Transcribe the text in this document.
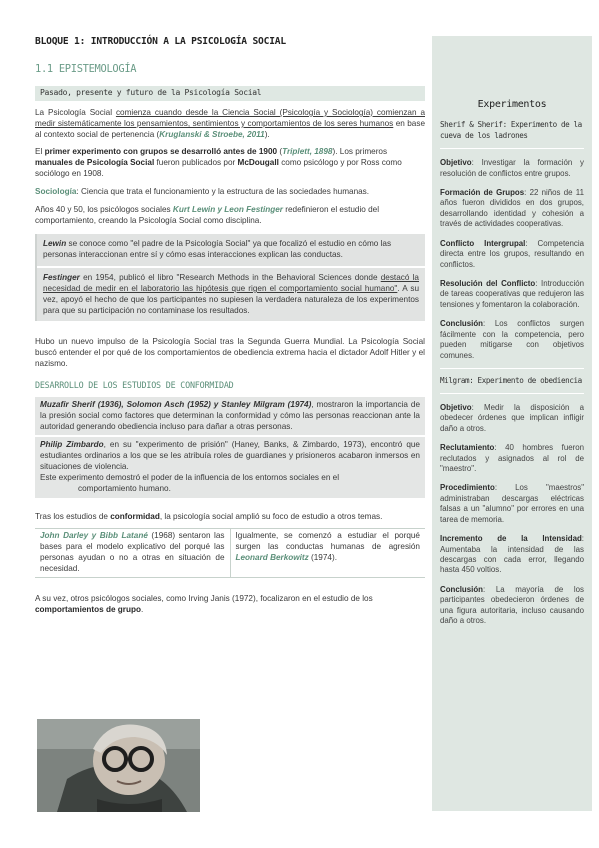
BLOQUE 1: INTRODUCCIÓN A LA PSICOLOGÍA SOCIAL
1.1 EPISTEMOLOGÍA
Pasado, presente y futuro de la Psicología Social

La Psicología Social comienza cuando desde la Ciencia Social (Psicología y Sociología) comienzan a medir sistemáticamente los pensamientos, sentimientos y comportamientos de los seres humanos en base al contexto social de pertenencia (Kruglanski & Stroebe, 2011).

El primer experimento con grupos se desarrolló antes de 1900 (Triplett, 1898). Los primeros manuales de Psicología Social fueron publicados por McDougall como psicólogo y por Ross como sociólogo en 1908.

Sociología: Ciencia que trata el funcionamiento y la estructura de las sociedades humanas.

Años 40 y 50, los psicólogos sociales Kurt Lewin y Leon Festinger redefinieron el estudio del comportamiento, creando la Psicología Social como disciplina.

Lewin se conoce como "el padre de la Psicología Social" ya que focalizó el estudio en cómo las personas interaccionan entre sí y cómo esas interacciones explican las conductas.
Festinger en 1954, publicó el libro "Research Methods in the Behavioral Sciences donde destacó la necesidad de medir en el laboratorio las hipótesis que rigen el comportamiento social humano". A su vez, apoyó el hecho de que los participantes no supiesen la verdadera naturaleza de los experimentos para que su participación no contaminase los resultados.

Hubo un nuevo impulso de la Psicología Social tras la Segunda Guerra Mundial. La Psicología Social buscó entender el por qué de los comportamientos de obediencia extrema hacia el dictador Adolf Hitler y el nazismo.

DESARROLLO DE LOS ESTUDIOS DE CONFORMIDAD
Muzafir Sherif (1936), Solomon Asch (1952) y Stanley Milgram (1974), mostraron la importancia de la presión social como factores que determinan la conformidad y cómo las personas reaccionan ante la autoridad generando obediencia incluso para dañar a otras personas.
Philip Zimbardo, en su "experimento de prisión" (Haney, Banks, & Zimbardo, 1973), encontró que estudiantes ordinarios a los que se les atribuía roles de guardianes y prisioneros acabaron inmersos en situaciones de violencia.
Este experimento demostró el poder de la influencia de los entornos sociales en el
comportamiento humano.

Tras los estudios de conformidad, la psicología social amplió su foco de estudio a otros temas.

John Darley y Bibb Latané (1968) sentaron las bases para el modelo explicativo del porqué las personas ayudan o no a otras en situación de necesidad.	Igualmente, se comenzó a estudiar el porqué surgen las conductas humanas de agresión Leonard Berkowitz (1974).

A su vez, otros psicólogos sociales, como Irving Janis (1972), focalizaron en el estudio de los comportamientos de grupo.

Experimentos
Sherif & Sherif: Experimento de la cueva de los ladrones

Objetivo: Investigar la formación y resolución de conflictos entre grupos.

Formación de Grupos: 22 niños de 11 años fueron divididos en dos grupos, desarrollando identidad y cohesión a través de actividades cooperativas.

Conflicto Intergrupal: Competencia directa entre los grupos, resultando en conflictos.

Resolución del Conflicto: Introducción de tareas cooperativas que redujeron las tensiones y fomentaron la colaboración.

Conclusión: Los conflictos surgen fácilmente con la competencia, pero pueden mitigarse con objetivos comunes.

Milgram: Experimento de obediencia

Objetivo: Medir la disposición a obedecer órdenes que implican infligir daño a otros.

Reclutamiento: 40 hombres fueron reclutados y asignados al rol de "maestro".

Procedimiento: Los "maestros" administraban descargas eléctricas falsas a un "alumno" por errores en una tarea de memoria.

Incremento de la Intensidad: Aumentaba la intensidad de las descargas con cada error, llegando hasta 450 voltios.

Conclusión: La mayoría de los participantes obedecieron órdenes de una figura autoritaria, incluso causando daño a otros.
